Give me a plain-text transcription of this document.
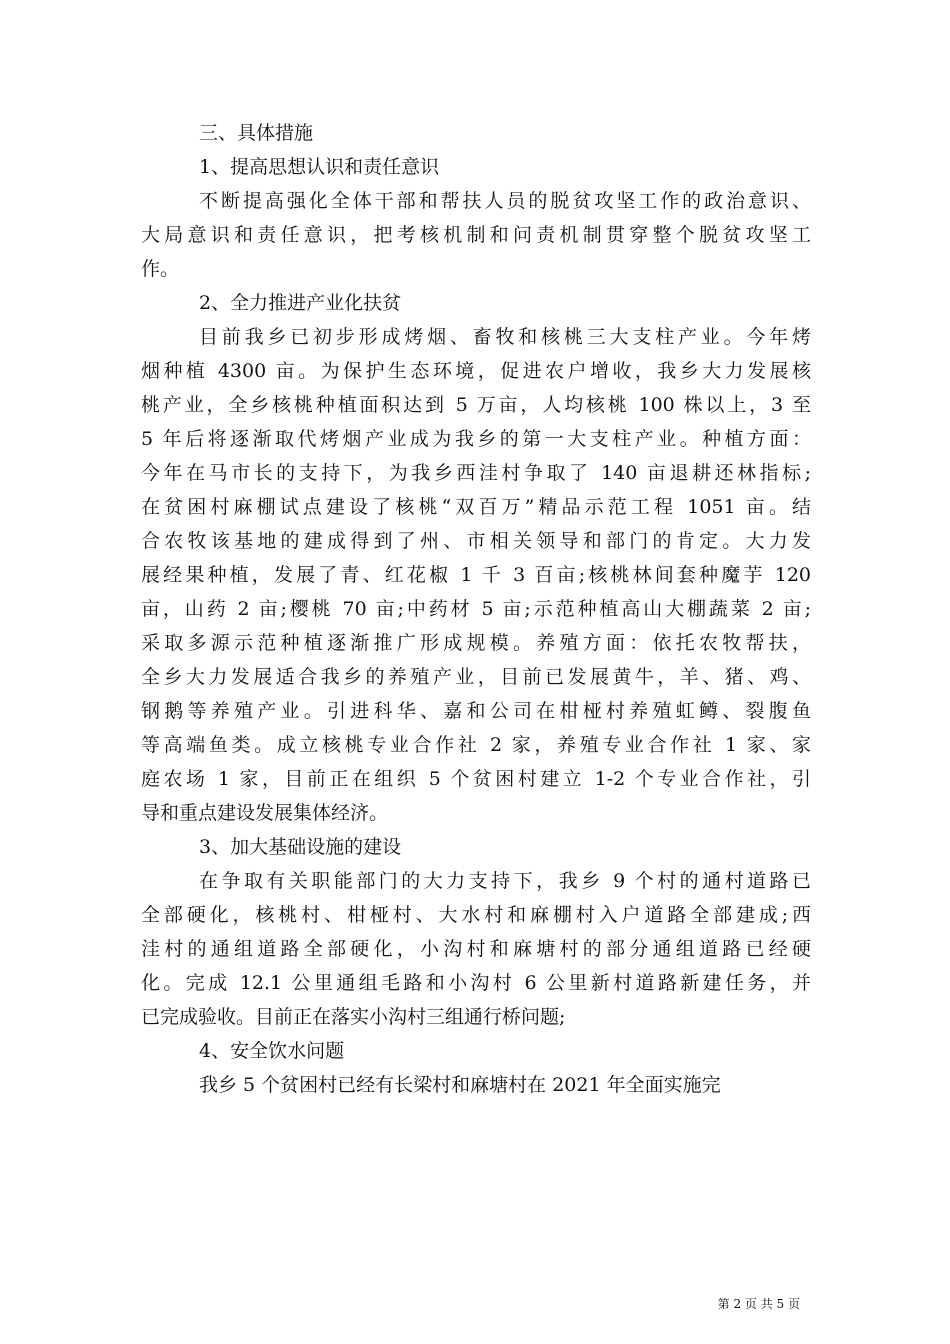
三、具体措施
1、提高思想认识和责任意识
不断提高强化全体干部和帮扶人员的脱贫攻坚工作的政治意识、
大局意识和责任意识，把考核机制和问责机制贯穿整个脱贫攻坚工
作。
2、全力推进产业化扶贫
目前我乡已初步形成烤烟、畜牧和核桃三大支柱产业。今年烤
烟种植 4300 亩。为保护生态环境，促进农户增收，我乡大力发展核
桃产业，全乡核桃种植面积达到 5 万亩，人均核桃 100 株以上，3 至
5 年后将逐渐取代烤烟产业成为我乡的第一大支柱产业。种植方面：
今年在马市长的支持下，为我乡西洼村争取了 140 亩退耕还林指标;
在贫困村麻棚试点建设了核桃“双百万”精品示范工程 1051 亩。结
合农牧该基地的建成得到了州、市相关领导和部门的肯定。大力发
展经果种植，发展了青、红花椒 1 千 3 百亩;核桃林间套种魔芋 120
亩，山药 2 亩;樱桃 70 亩;中药材 5 亩;示范种植高山大棚蔬菜 2 亩;
采取多源示范种植逐渐推广形成规模。养殖方面：依托农牧帮扶，
全乡大力发展适合我乡的养殖产业，目前已发展黄牛，羊、猪、鸡、
钢鹅等养殖产业。引进科华、嘉和公司在柑桠村养殖虹鳟、裂腹鱼
等高端鱼类。成立核桃专业合作社 2 家，养殖专业合作社 1 家、家
庭农场 1 家，目前正在组织 5 个贫困村建立 1-2 个专业合作社，引
导和重点建设发展集体经济。
3、加大基础设施的建设
在争取有关职能部门的大力支持下，我乡 9 个村的通村道路已
全部硬化，核桃村、柑桠村、大水村和麻棚村入户道路全部建成;西
洼村的通组道路全部硬化，小沟村和麻塘村的部分通组道路已经硬
化。完成 12.1 公里通组毛路和小沟村 6 公里新村道路新建任务，并
已完成验收。目前正在落实小沟村三组通行桥问题;
4、安全饮水问题
我乡 5 个贫困村已经有长梁村和麻塘村在 2021 年全面实施完
第 2 页 共 5 页
